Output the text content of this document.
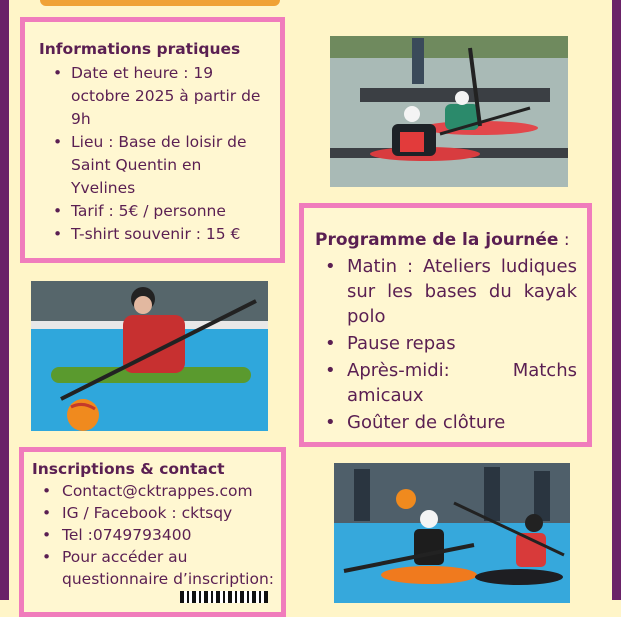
Informations pratiques
• Date et heure : 19 octobre 2025 à partir de 9h
• Lieu : Base de loisir de Saint Quentin en Yvelines
• Tarif : 5€ / personne
• T-shirt souvenir : 15 €	Programme de la journée :
• Matin : Ateliers ludiques sur les bases du kayak polo
• Pause repas
• Après-midi: Matchs amicaux
• Goûter de clôture
Inscriptions & contact
• Contact@cktrappes.com
• IG / Facebook : cktsqy
• Tel :0749793400
• Pour accéder au questionnaire d’inscription:
